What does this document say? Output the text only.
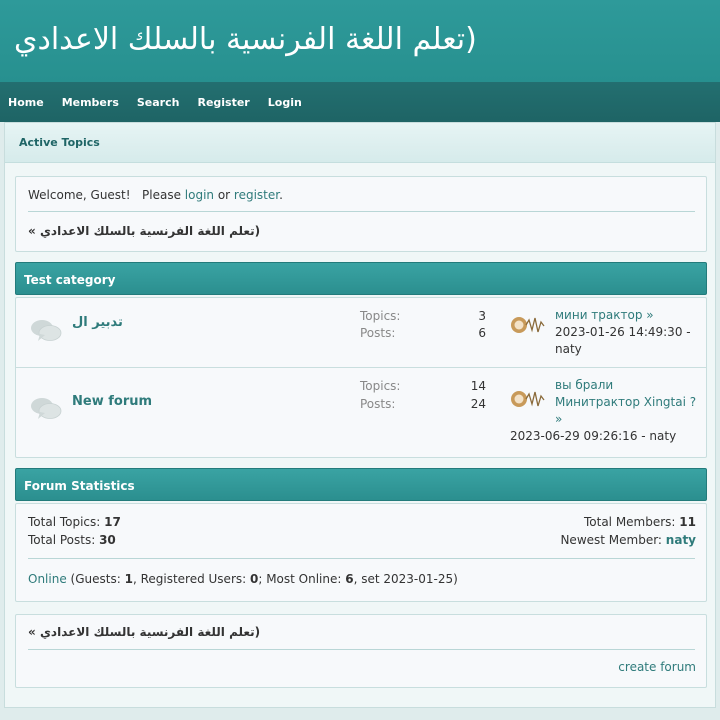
تعلم اللغة الفرنسية بالسلك الاعدادي)
Home Members Search Register Login
Active Topics
Welcome, Guest!   Please login or register.
« تعلم اللغة الفرنسية بالسلك الاعدادي)
Test category
تدبير ال	Topics:	3
Posts:	6
мини трактор »
2023-01-26 14:49:30 - naty
New forum
Topics:	14
Posts:	24
вы брали Минитрактор Xingtai ? »
2023-06-29 09:26:16 - naty
Forum Statistics
Total Topics: 17
Total Posts: 30
Total Members: 11
Newest Member: naty
Online (Guests: 1, Registered Users: 0; Most Online: 6, set 2023-01-25)
« تعلم اللغة الفرنسية بالسلك الاعدادي)
create forum
